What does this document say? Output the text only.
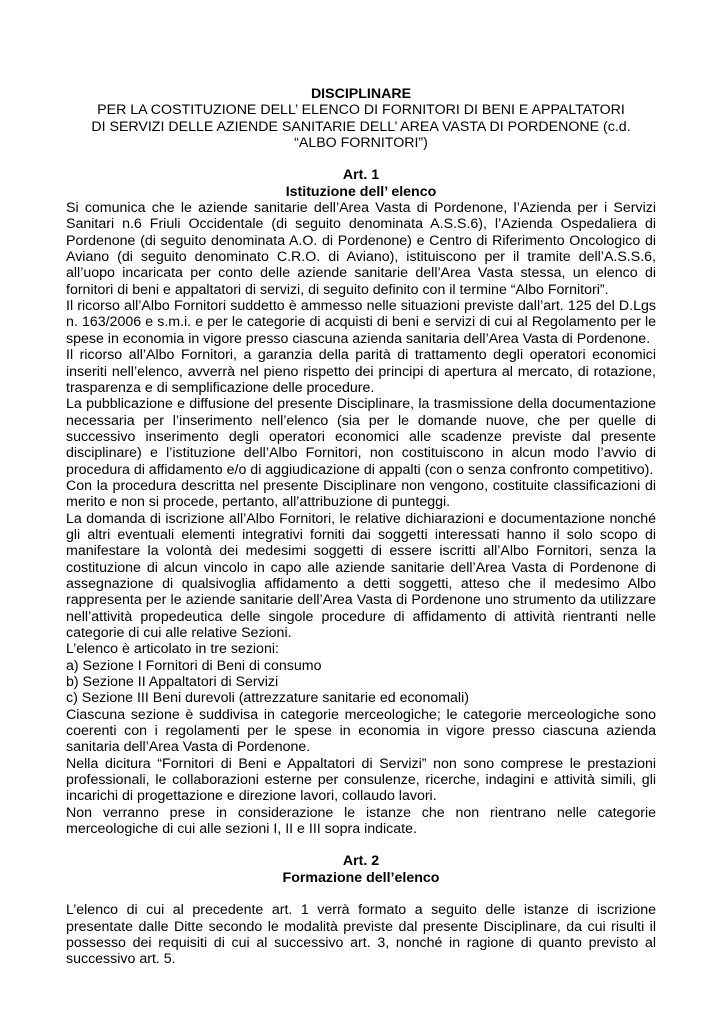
DISCIPLINARE
PER LA COSTITUZIONE DELL’ ELENCO DI FORNITORI DI BENI E APPALTATORI
DI SERVIZI DELLE AZIENDE SANITARIE DELL’ AREA VASTA DI PORDENONE (c.d.
“ALBO FORNITORI”)
Art. 1
Istituzione dell’ elenco

Si comunica che le aziende sanitarie dell’Area Vasta di Pordenone, l’Azienda per i Servizi Sanitari n.6 Friuli Occidentale (di seguito denominata A.S.S.6), l’Azienda Ospedaliera di Pordenone (di seguito denominata A.O. di Pordenone) e Centro di Riferimento Oncologico di Aviano (di seguito denominato C.R.O. di Aviano), istituiscono per il tramite dell’A.S.S.6, all’uopo incaricata per conto delle aziende sanitarie dell’Area Vasta stessa, un elenco di fornitori di beni e appaltatori di servizi, di seguito definito con il termine “Albo Fornitori”.

Il ricorso all’Albo Fornitori suddetto è ammesso nelle situazioni previste dall’art. 125 del D.Lgs n. 163/2006 e s.m.i. e per le categorie di acquisti di beni e servizi di cui al Regolamento per le spese in economia in vigore presso ciascuna azienda sanitaria dell’Area Vasta di Pordenone.

Il ricorso all’Albo Fornitori, a garanzia della parità di trattamento degli operatori economici inseriti nell’elenco, avverrà nel pieno rispetto dei principi di apertura al mercato, di rotazione, trasparenza e di semplificazione delle procedure.

La pubblicazione e diffusione del presente Disciplinare, la trasmissione della documentazione necessaria per l’inserimento nell’elenco (sia per le domande nuove, che per quelle di successivo inserimento degli operatori economici alle scadenze previste dal presente disciplinare) e l’istituzione dell’Albo Fornitori, non costituiscono in alcun modo l’avvio di procedura di affidamento e/o di aggiudicazione di appalti (con o senza confronto competitivo).

Con la procedura descritta nel presente Disciplinare non vengono, costituite classificazioni di merito e non si procede, pertanto, all’attribuzione di punteggi.

La domanda di iscrizione all’Albo Fornitori, le relative dichiarazioni e documentazione nonché gli altri eventuali elementi integrativi forniti dai soggetti interessati hanno il solo scopo di manifestare la volontà dei medesimi soggetti di essere iscritti all’Albo Fornitori, senza la costituzione di alcun vincolo in capo alle aziende sanitarie dell’Area Vasta di Pordenone di assegnazione di qualsivoglia affidamento a detti soggetti, atteso che il medesimo Albo rappresenta per le aziende sanitarie dell’Area Vasta di Pordenone uno strumento da utilizzare nell’attività propedeutica delle singole procedure di affidamento di attività rientranti nelle categorie di cui alle relative Sezioni.

L’elenco è articolato in tre sezioni:

a) Sezione I Fornitori di Beni di consumo

b) Sezione II Appaltatori di Servizi

c) Sezione III Beni durevoli (attrezzature sanitarie ed economali)

Ciascuna sezione è suddivisa in categorie merceologiche; le categorie merceologiche sono coerenti con i regolamenti per le spese in economia in vigore presso ciascuna azienda sanitaria dell’Area Vasta di Pordenone.

Nella dicitura “Fornitori di Beni e Appaltatori di Servizi” non sono comprese le prestazioni professionali, le collaborazioni esterne per consulenze, ricerche, indagini e attività simili, gli incarichi di progettazione e direzione lavori, collaudo lavori.

Non verranno prese in considerazione le istanze che non rientrano nelle categorie merceologiche di cui alle sezioni I, II e III sopra indicate.

Art. 2
Formazione dell’elenco

L’elenco di cui al precedente art. 1 verrà formato a seguito delle istanze di iscrizione presentate dalle Ditte secondo le modalità previste dal presente Disciplinare, da cui risulti il possesso dei requisiti di cui al successivo art. 3, nonché in ragione di quanto previsto al successivo art. 5.
